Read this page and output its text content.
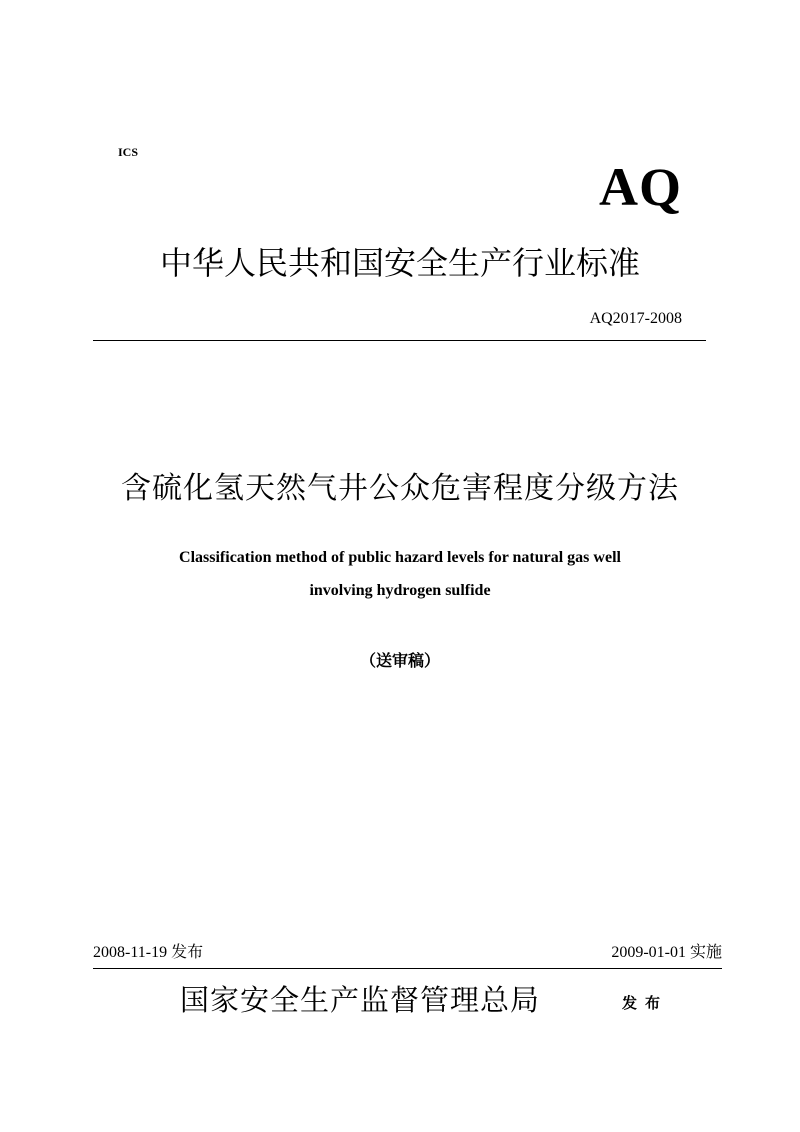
ICS
AQ
中华人民共和国安全生产行业标准
AQ2017-2008
含硫化氢天然气井公众危害程度分级方法
Classification method of public hazard levels for natural gas well
involving hydrogen sulfide
（送审稿）
2008-11-19 发布	2009-01-01 实施
国家安全生产监督管理总局	发布
